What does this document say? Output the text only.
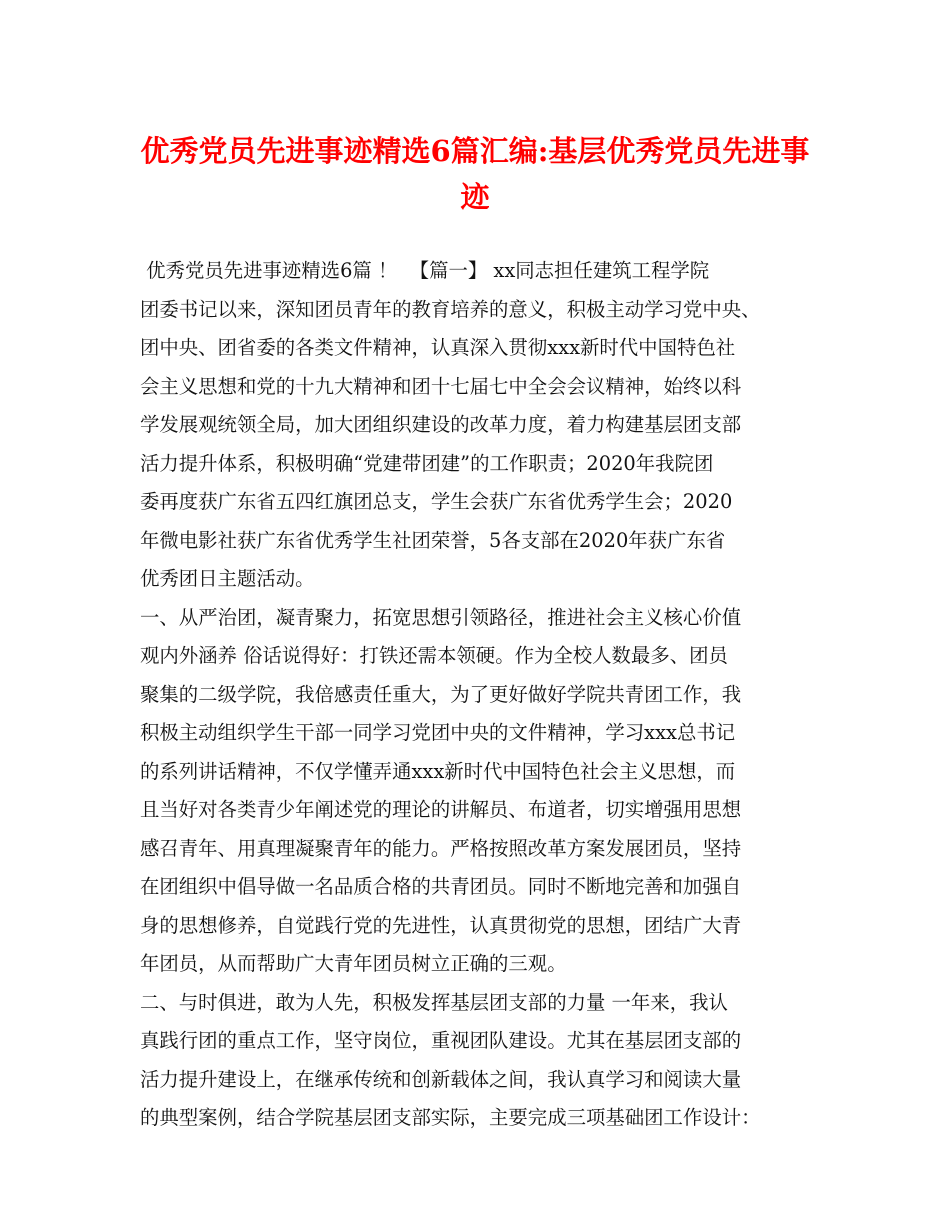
优秀党员先进事迹精选6篇汇编:基层优秀党员先进事
迹
优秀党员先进事迹精选6篇 ！  【篇一】 xx同志担任建筑工程学院
团委书记以来，深知团员青年的教育培养的意义，积极主动学习党中央、
团中央、团省委的各类文件精神，认真深入贯彻xxx新时代中国特色社
会主义思想和党的十九大精神和团十七届七中全会会议精神，始终以科
学发展观统领全局，加大团组织建设的改革力度，着力构建基层团支部
活力提升体系，积极明确“党建带团建”的工作职责；2020年我院团
委再度获广东省五四红旗团总支，学生会获广东省优秀学生会；2020
年微电影社获广东省优秀学生社团荣誉，5各支部在2020年获广东省
优秀团日主题活动。
一、从严治团，凝青聚力，拓宽思想引领路径，推进社会主义核心价值
观内外涵养 俗话说得好：打铁还需本领硬。作为全校人数最多、团员
聚集的二级学院，我倍感责任重大，为了更好做好学院共青团工作，我
积极主动组织学生干部一同学习党团中央的文件精神，学习xxx总书记
的系列讲话精神，不仅学懂弄通xxx新时代中国特色社会主义思想，而
且当好对各类青少年阐述党的理论的讲解员、布道者，切实增强用思想
感召青年、用真理凝聚青年的能力。严格按照改革方案发展团员，坚持
在团组织中倡导做一名品质合格的共青团员。同时不断地完善和加强自
身的思想修养，自觉践行党的先进性，认真贯彻党的思想，团结广大青
年团员，从而帮助广大青年团员树立正确的三观。
二、与时俱进，敢为人先，积极发挥基层团支部的力量 一年来，我认
真践行团的重点工作，坚守岗位，重视团队建设。尤其在基层团支部的
活力提升建设上，在继承传统和创新载体之间，我认真学习和阅读大量
的典型案例，结合学院基层团支部实际，主要完成三项基础团工作设计：
